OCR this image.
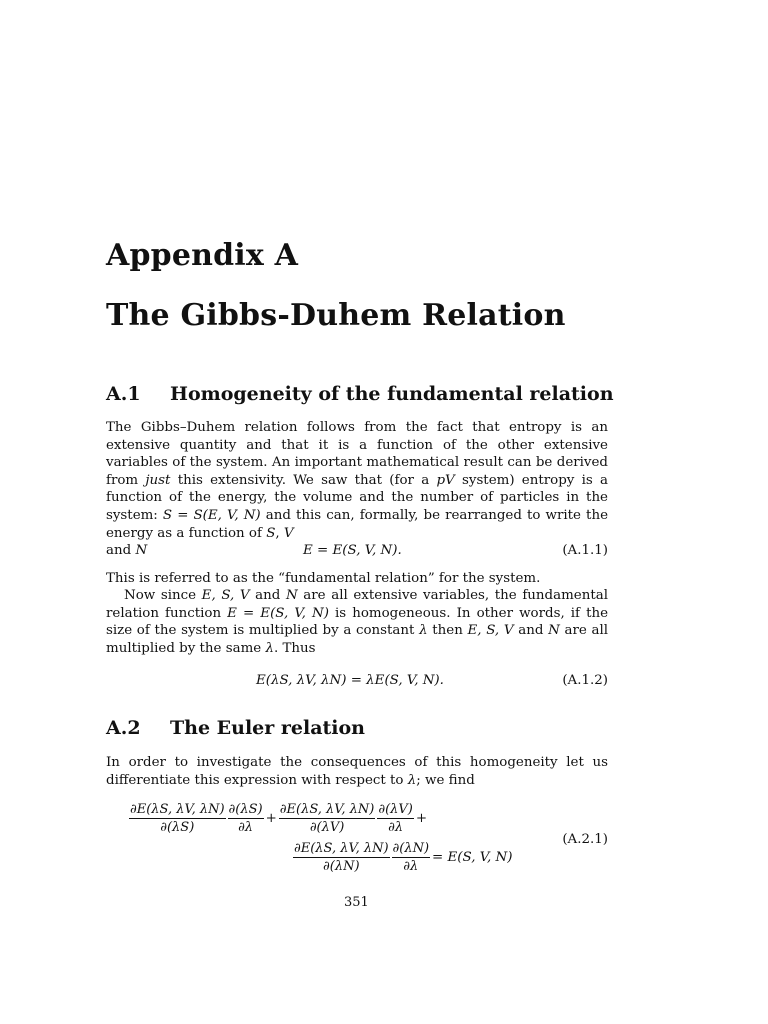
Appendix A
The Gibbs-Duhem Relation
A.1 Homogeneity of the fundamental relation

The Gibbs–Duhem relation follows from the fact that entropy is an extensive quantity and that it is a function of the other extensive variables of the system. An important mathematical result can be derived from just this extensivity. We saw that (for a pV system) entropy is a function of the energy, the volume and the number of particles in the system: S = S(E, V, N) and this can, formally, be rearranged to write the energy as a function of S, V
and N	E = E(S, V, N).	(A.1.1)

This is referred to as the “fundamental relation” for the system.

Now since E, S, V and N are all extensive variables, the fundamental relation function E = E(S, V, N) is homogeneous. In other words, if the size of the system is multiplied by a constant λ then E, S, V and N are all multiplied by the same λ. Thus

E(λS, λV, λN) = λE(S, V, N).	(A.1.2)
A.2 The Euler relation

In order to investigate the consequences of this homogeneity let us differentiate this expression with respect to λ; we find

$\frac{\partial E(\lambda S, \lambda V, \lambda N)}{\partial(\lambda S)} \frac{\partial(\lambda S)}{\partial\lambda} + \frac{\partial E(\lambda S, \lambda V, \lambda N)}{\partial(\lambda V)} \frac{\partial(\lambda V)}{\partial\lambda}$ +
$\frac{\partial E(\lambda S, \lambda V, \lambda N)}{\partial(\lambda N)} \frac{\partial(\lambda N)}{\partial\lambda} = E(S$, V, N)
(A.2.1)
351
